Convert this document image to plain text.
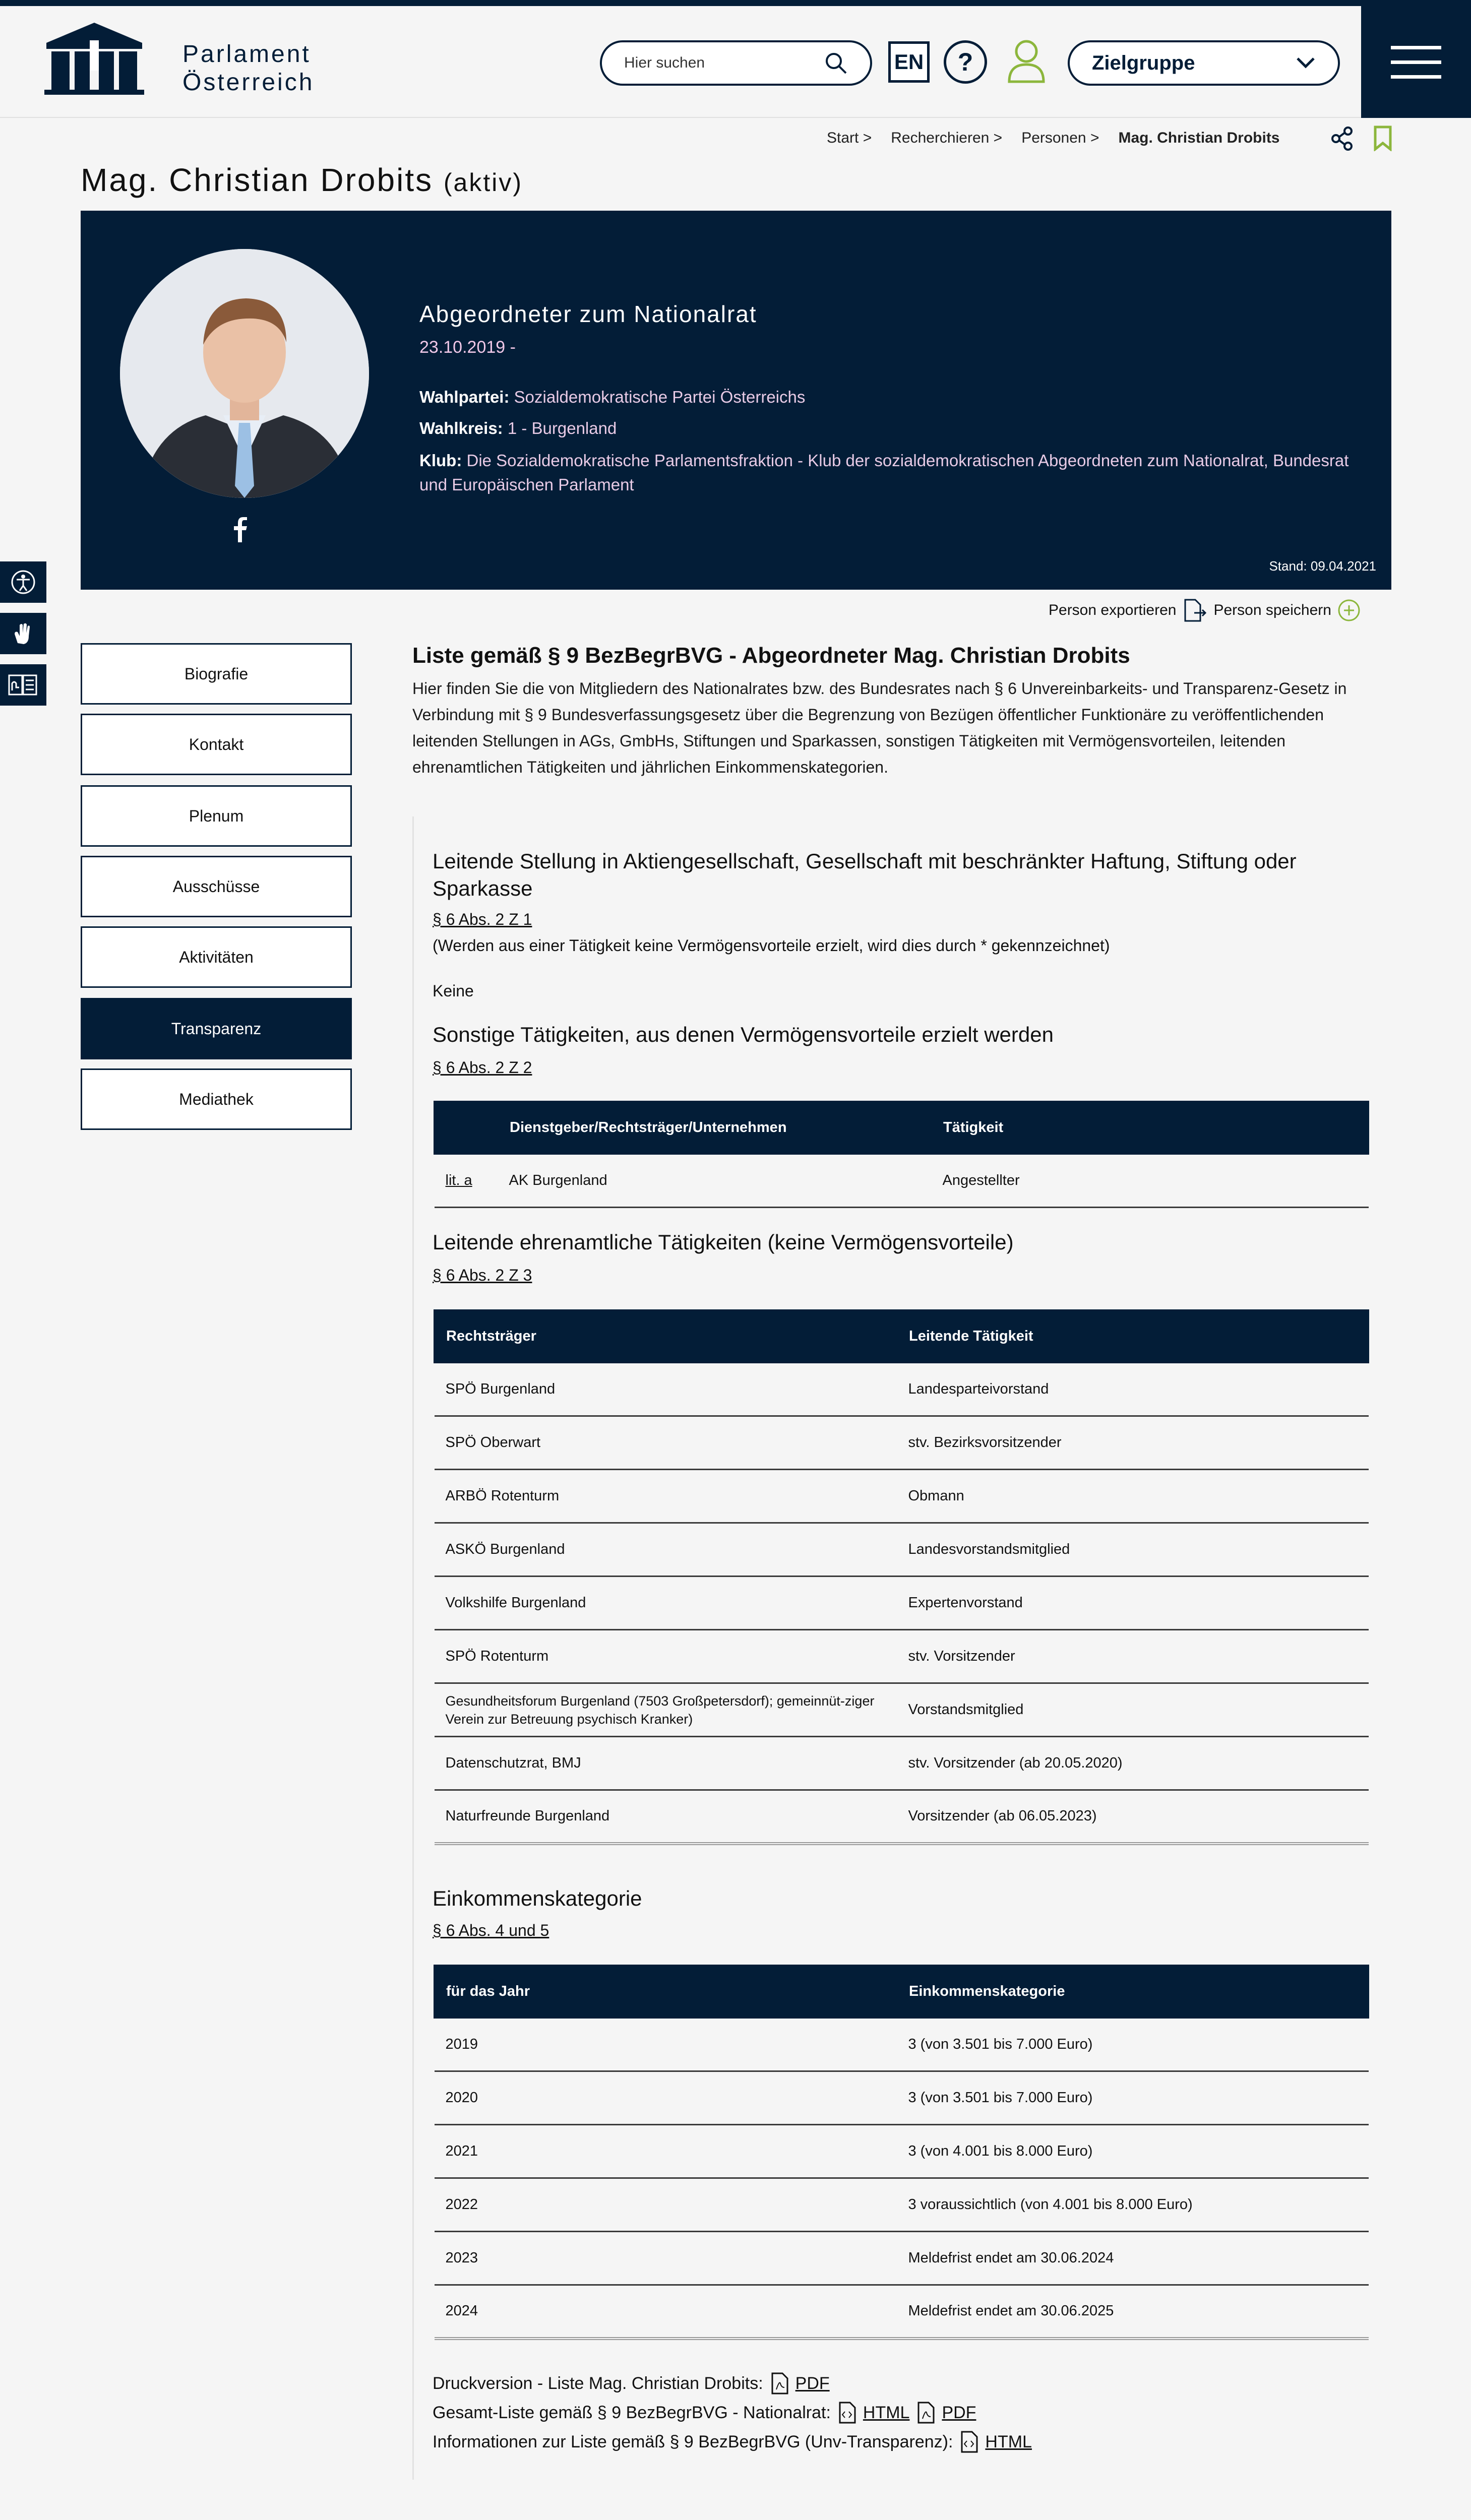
Parlament
Österreich
Hier suchen	EN	?	Zielgruppe
Start > Recherchieren > Personen > Mag. Christian Drobits
Mag. Christian Drobits (aktiv)
Abgeordneter zum Nationalrat
23.10.2019 -
Wahlpartei: Sozialdemokratische Partei Österreichs
Wahlkreis: 1 - Burgenland
Klub: Die Sozialdemokratische Parlamentsfraktion - Klub der sozialdemokratischen Abgeordneten zum Nationalrat, Bundesrat und Europäischen Parlament
Stand: 09.04.2021
Person exportieren Person speichern
Biografie
Kontakt
Plenum
Ausschüsse
Aktivitäten
Transparenz
Mediathek
Liste gemäß § 9 BezBegrBVG - Abgeordneter Mag. Christian Drobits
Hier finden Sie die von Mitgliedern des Nationalrates bzw. des Bundesrates nach § 6 Unvereinbarkeits- und Transparenz-Gesetz in Verbindung mit § 9 Bundesverfassungsgesetz über die Begrenzung von Bezügen öffentlicher Funktionäre zu veröffentlichenden leitenden Stellungen in AGs, GmbHs, Stiftungen und Sparkassen, sonstigen Tätigkeiten mit Vermögensvorteilen, leitenden ehrenamtlichen Tätigkeiten und jährlichen Einkommenskategorien.
Leitende Stellung in Aktiengesellschaft, Gesellschaft mit beschränkter Haftung, Stiftung oder Sparkasse
§ 6 Abs. 2 Z 1
(Werden aus einer Tätigkeit keine Vermögensvorteile erzielt, wird dies durch * gekennzeichnet)
Keine
Sonstige Tätigkeiten, aus denen Vermögensvorteile erzielt werden
§ 6 Abs. 2 Z 2
	Dienstgeber/Rechtsträger/Unternehmen	Tätigkeit
lit. a	AK Burgenland	Angestellter
Leitende ehrenamtliche Tätigkeiten (keine Vermögensvorteile)
§ 6 Abs. 2 Z 3
Rechtsträger	Leitende Tätigkeit
SPÖ Burgenland	Landesparteivorstand
SPÖ Oberwart	stv. Bezirksvorsitzender
ARBÖ Rotenturm	Obmann
ASKÖ Burgenland	Landesvorstandsmitglied
Volkshilfe Burgenland	Expertenvorstand
SPÖ Rotenturm	stv. Vorsitzender
Gesundheitsforum Burgenland (7503 Großpetersdorf); gemeinnüt-ziger Verein zur Betreuung psychisch Kranker)	Vorstandsmitglied
Datenschutzrat, BMJ	stv. Vorsitzender (ab 20.05.2020)
Naturfreunde Burgenland	Vorsitzender (ab 06.05.2023)
Einkommenskategorie
§ 6 Abs. 4 und 5
für das Jahr	Einkommenskategorie
2019	3 (von 3.501 bis 7.000 Euro)
2020	3 (von 3.501 bis 7.000 Euro)
2021	3 (von 4.001 bis 8.000 Euro)
2022	3 voraussichtlich (von 4.001 bis 8.000 Euro)
2023	Meldefrist endet am 30.06.2024
2024	Meldefrist endet am 30.06.2025
Druckversion - Liste Mag. Christian Drobits: PDF
Gesamt-Liste gemäß § 9 BezBegrBVG - Nationalrat: HTML PDF
Informationen zur Liste gemäß § 9 BezBegrBVG (Unv-Transparenz): HTML
